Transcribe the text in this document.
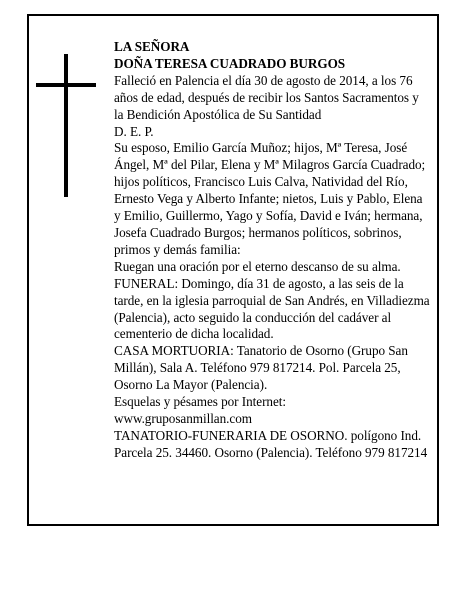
LA SEÑORA

DOÑA TERESA CUADRADO BURGOS

Falleció en Palencia el día 30 de agosto de 2014, a los 76 años de edad, después de recibir los Santos Sacramentos y la Bendición Apostólica de Su Santidad

D. E. P.

Su esposo, Emilio García Muñoz; hijos, Mª Teresa, José Ángel, Mª del Pilar, Elena y Mª Milagros García Cuadrado; hijos políticos, Francisco Luis Calva, Natividad del Río, Ernesto Vega y Alberto Infante; nietos, Luis y Pablo, Elena y Emilio, Guillermo, Yago y Sofía, David e Iván; hermana, Josefa Cuadrado Burgos; hermanos políticos, sobrinos, primos y demás familia:

Ruegan una oración por el eterno descanso de su alma.

FUNERAL: Domingo, día 31 de agosto, a las seis de la tarde, en la iglesia parroquial de San Andrés, en Villadiezma (Palencia), acto seguido la conducción del cadáver al cementerio de dicha localidad.

CASA MORTUORIA: Tanatorio de Osorno (Grupo San Millán), Sala A. Teléfono 979 817214. Pol. Parcela 25, Osorno La Mayor (Palencia).

Esquelas y pésames por Internet:

www.gruposanmillan.com

TANATORIO-FUNERARIA DE OSORNO. polígono Ind. Parcela 25. 34460. Osorno (Palencia). Teléfono 979 817214
